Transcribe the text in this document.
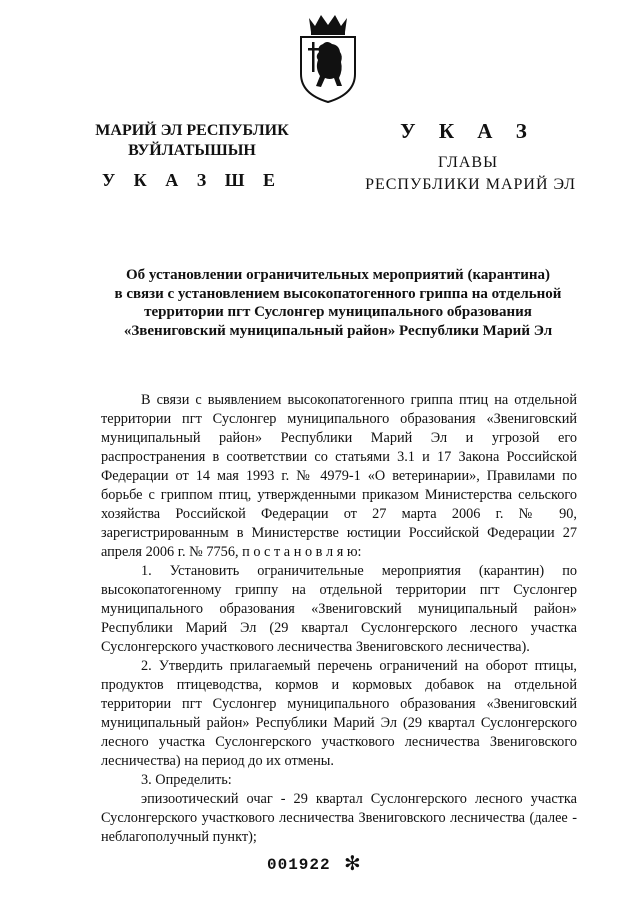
МАРИЙ ЭЛ РЕСПУБЛИК
ВУЙЛАТЫШЫН
У К А З Ш Е
У К А З
ГЛАВЫ
РЕСПУБЛИКИ МАРИЙ ЭЛ
Об установлении ограничительных мероприятий (карантина)
в связи с установлением высокопатогенного гриппа на отдельной
территории пгт Суслонгер муниципального образования
«Звениговский муниципальный район» Республики Марий Эл

В связи с выявлением высокопатогенного гриппа птиц на отдельной территории пгт Суслонгер муниципального образования «Звениговский муниципальный район» Республики Марий Эл и угрозой его распространения в соответствии со статьями 3.1 и 17 Закона Российской Федерации от 14 мая 1993 г. № 4979-1 «О ветеринарии», Правилами по борьбе с гриппом птиц, утвержденными приказом Министерства сельского хозяйства Российской Федерации от 27 марта 2006 г. № 90, зарегистрированным в Министерстве юстиции Российской Федерации 27 апреля 2006 г. № 7756, п о с т а н о в л я ю:

1. Установить ограничительные мероприятия (карантин) по высокопатогенному гриппу на отдельной территории пгт Суслонгер муниципального образования «Звениговский муниципальный район» Республики Марий Эл (29 квартал Суслонгерского лесного участка Суслонгерского участкового лесничества Звениговского лесничества).

2. Утвердить прилагаемый перечень ограничений на оборот птицы, продуктов птицеводства, кормов и кормовых добавок на отдельной территории пгт Суслонгер муниципального образования «Звениговский муниципальный район» Республики Марий Эл (29 квартал Суслонгерского лесного участка Суслонгерского участкового лесничества Звениговского лесничества) на период до их отмены.

3. Определить:

эпизоотический очаг - 29 квартал Суслонгерского лесного участка Суслонгерского участкового лесничества Звениговского лесничества (далее - неблагополучный пункт);

001922 ✻
